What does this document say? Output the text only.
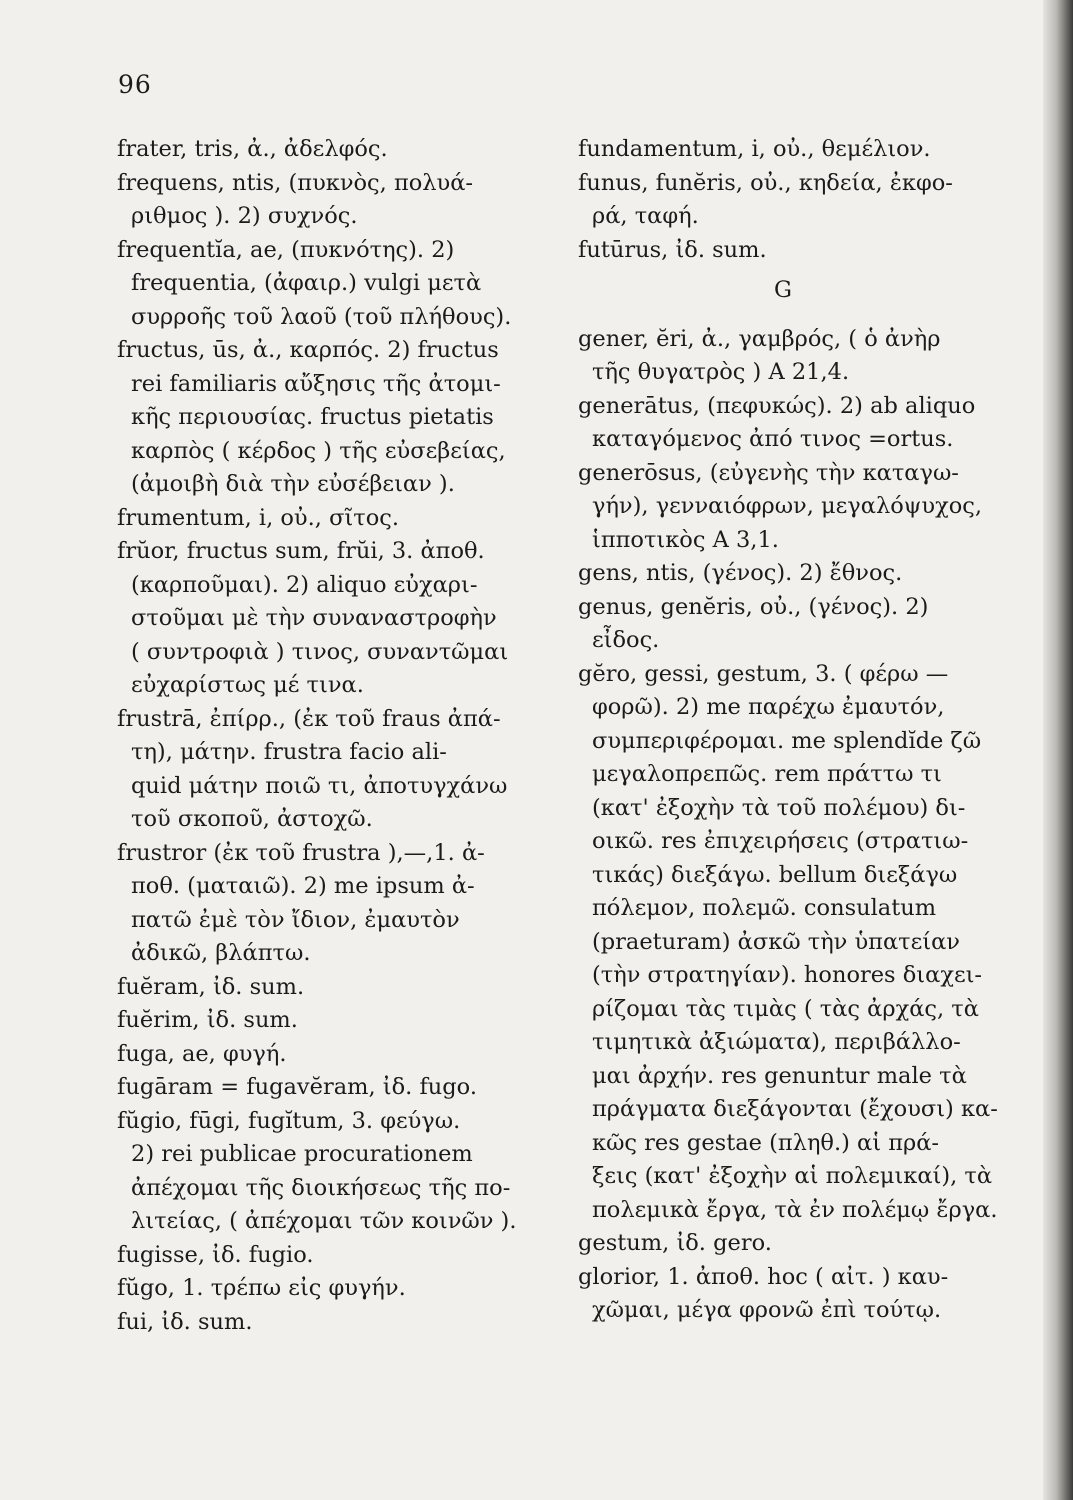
96
frater, tris, ἀ., ἀδελφός.
frequens, ntis, (πυκνὸς, πολυά-
ριθμος ). 2) συχνός.
frequentĭa, ae, (πυκνότης). 2)
frequentia, (ἀφαιρ.) vulgi μετὰ
συρροῆς τοῦ λαοῦ (τοῦ πλήθους).
fructus, ūs, ἀ., καρπός. 2) fructus
rei familiaris αὔξησις τῆς ἀτομι-
κῆς περιουσίας. fructus pietatis
καρπὸς ( κέρδος ) τῆς εὐσεβείας,
(ἀμοιβὴ διὰ τὴν εὐσέβειαν ).
frumentum, i, οὐ., σῖτος.
frŭor, fructus sum, frŭi, 3. ἀποθ.
(καρποῦμαι). 2) aliquo εὐχαρι-
στοῦμαι μὲ τὴν συναναστροφὴν
( συντροφιὰ ) τινος, συναντῶμαι
εὐχαρίστως μέ τινα.
frustrā, ἐπίρρ., (ἐκ τοῦ fraus ἀπά-
τη), μάτην. frustra facio ali-
quid μάτην ποιῶ τι, ἀποτυγχάνω
τοῦ σκοποῦ, ἀστοχῶ.
frustror (ἐκ τοῦ frustra ),—,1. ἀ-
ποθ. (ματαιῶ). 2) me ipsum ἀ-
πατῶ ἐμὲ τὸν ἴδιον, ἐμαυτὸν
ἀδικῶ, βλάπτω.
fuĕram, ἰδ. sum.
fuĕrim, ἰδ. sum.
fuga, ae, φυγή.
fugāram = fugavĕram, ἰδ. fugo.
fŭgio, fūgi, fugĭtum, 3. φεύγω.
2) rei publicae procurationem
ἀπέχομαι τῆς διοικήσεως τῆς πο-
λιτείας, ( ἀπέχομαι τῶν κοινῶν ).
fugisse, ἰδ. fugio.
fŭgo, 1. τρέπω εἰς φυγήν.
fui, ἰδ. sum.
fundamentum, i, οὐ., θεμέλιον.
funus, funĕris, οὐ., κηδεία, ἐκφο-
ρά, ταφή.
futūrus, ἰδ. sum.
G
gener, ĕri, ἀ., γαμβρός, ( ὁ ἀνὴρ
τῆς θυγατρὸς ) A 21,4.
generātus, (πεφυκώς). 2) ab aliquo
καταγόμενος ἀπό τινος =ortus.
generōsus, (εὐγενὴς τὴν καταγω-
γήν), γενναιόφρων, μεγαλόψυχος,
ἱπποτικὸς A 3,1.
gens, ntis, (γένος). 2) ἔθνος.
genus, genĕris, οὐ., (γένος). 2)
εἶδος.
gĕro, gessi, gestum, 3. ( φέρω —
φορῶ). 2) me παρέχω ἐμαυτόν,
συμπεριφέρομαι. me splendĭde ζῶ
μεγαλοπρεπῶς. rem πράττω τι
(κατ' ἐξοχὴν τὰ τοῦ πολέμου) δι-
οικῶ. res ἐπιχειρήσεις (στρατιω-
τικάς) διεξάγω. bellum διεξάγω
πόλεμον, πολεμῶ. consulatum
(praeturam) ἀσκῶ τὴν ὑπατείαν
(τὴν στρατηγίαν). honores διαχει-
ρίζομαι τὰς τιμὰς ( τὰς ἀρχάς, τὰ
τιμητικὰ ἀξιώματα), περιβάλλο-
μαι ἀρχήν. res genuntur male τὰ
πράγματα διεξάγονται (ἔχουσι) κα-
κῶς res gestae (πληθ.) αἱ πρά-
ξεις (κατ' ἐξοχὴν αἱ πολεμικαί), τὰ
πολεμικὰ ἔργα, τὰ ἐν πολέμῳ ἔργα.
gestum, ἰδ. gero.
glorior, 1. ἀποθ. hoc ( αἰτ. ) καυ-
χῶμαι, μέγα φρονῶ ἐπὶ τούτῳ.
